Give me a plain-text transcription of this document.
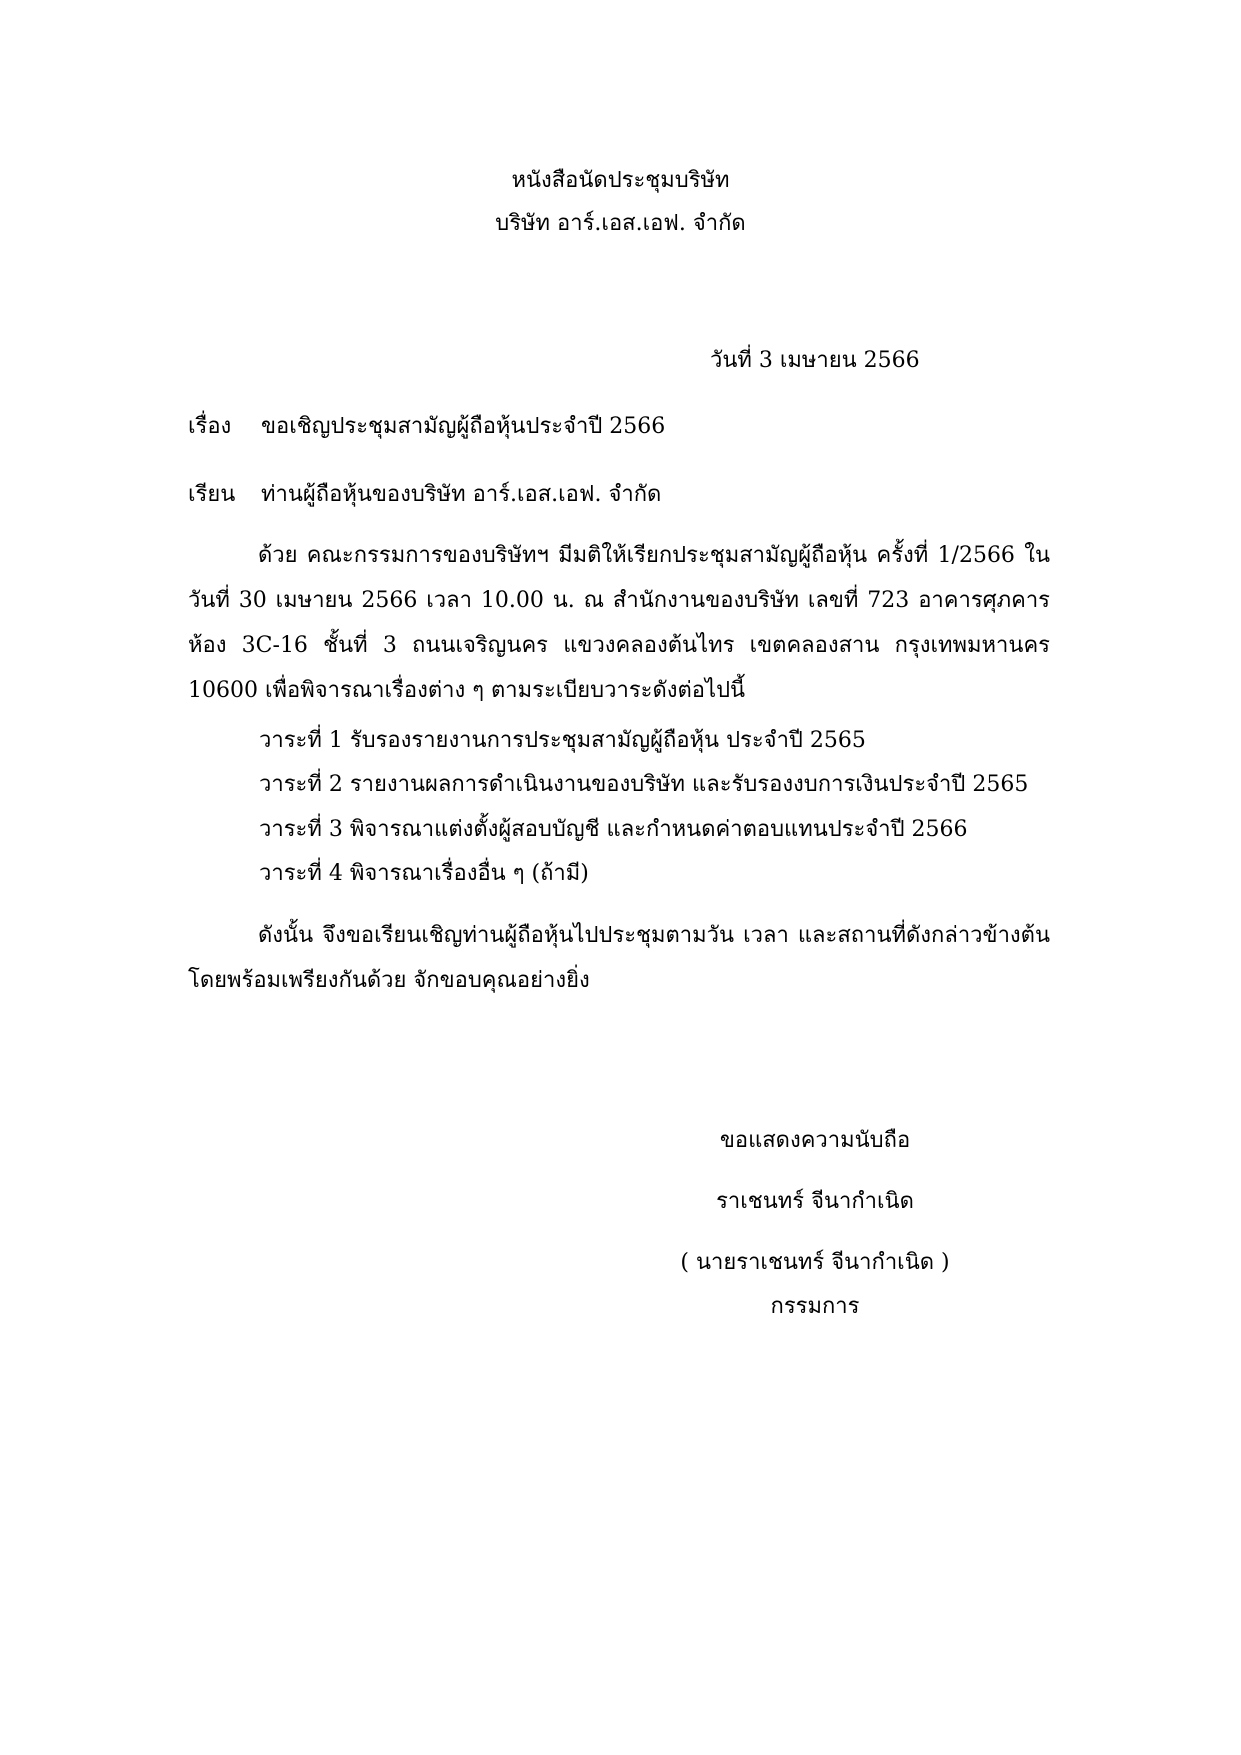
หนังสือนัดประชุมบริษัท
บริษัท อาร์.เอส.เอฟ. จำกัด
วันที่ 3 เมษายน 2566
เรื่อง ขอเชิญประชุมสามัญผู้ถือหุ้นประจำปี 2566
เรียน ท่านผู้ถือหุ้นของบริษัท อาร์.เอส.เอฟ. จำกัด
ด้วย คณะกรรมการของบริษัทฯ มีมติให้เรียกประชุมสามัญผู้ถือหุ้น ครั้งที่ 1/2566 ในวันที่ 30 เมษายน 2566 เวลา 10.00 น. ณ สำนักงานของบริษัท เลขที่ 723 อาคารศุภคาร ห้อง 3C-16 ชั้นที่ 3 ถนนเจริญนคร แขวงคลองต้นไทร เขตคลองสาน กรุงเทพมหานคร 10600 เพื่อพิจารณาเรื่องต่าง ๆ ตามระเบียบวาระดังต่อไปนี้
วาระที่ 1 รับรองรายงานการประชุมสามัญผู้ถือหุ้น ประจำปี 2565
วาระที่ 2 รายงานผลการดำเนินงานของบริษัท และรับรองงบการเงินประจำปี 2565
วาระที่ 3 พิจารณาแต่งตั้งผู้สอบบัญชี และกำหนดค่าตอบแทนประจำปี 2566
วาระที่ 4 พิจารณาเรื่องอื่น ๆ (ถ้ามี)
ดังนั้น จึงขอเรียนเชิญท่านผู้ถือหุ้นไปประชุมตามวัน เวลา และสถานที่ดังกล่าวข้างต้นโดยพร้อมเพรียงกันด้วย จักขอบคุณอย่างยิ่ง
ขอแสดงความนับถือ
ราเชนทร์ จีนากำเนิด
( นายราเชนทร์ จีนากำเนิด )
กรรมการ
